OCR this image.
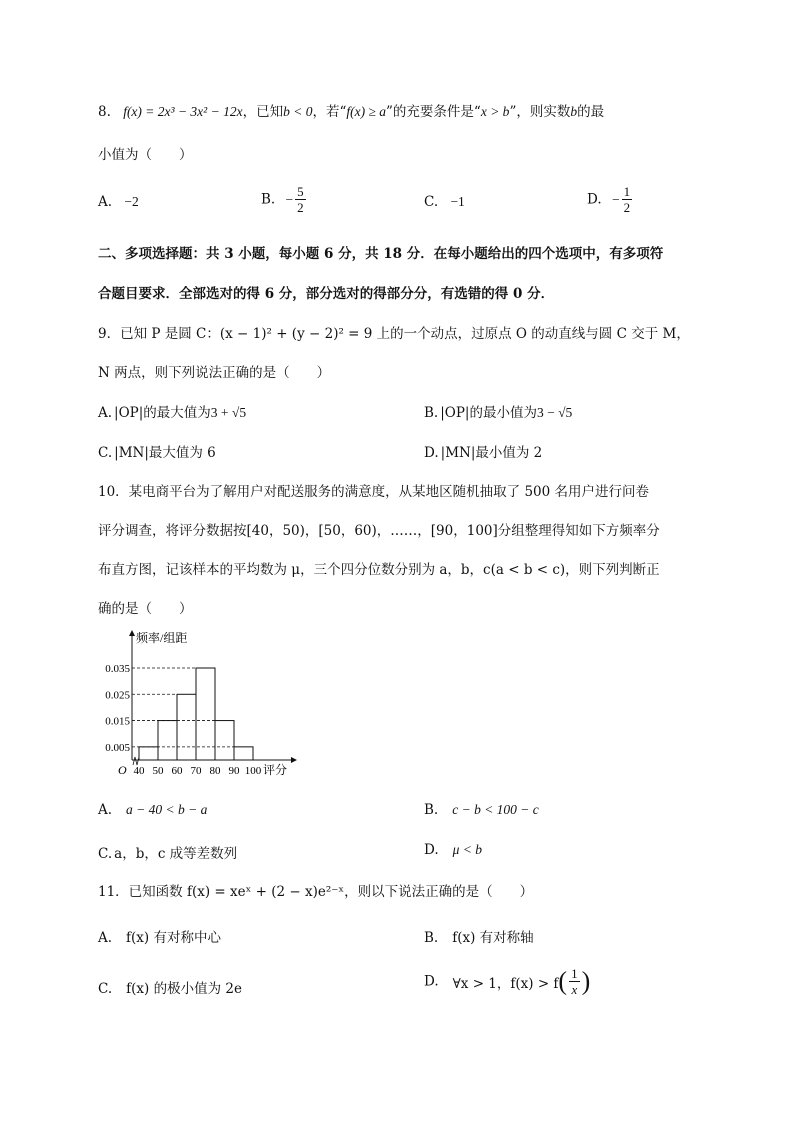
8. f(x) = 2x³ − 3x² − 12x，已知b < 0，若“f(x) ≥ a”的充要条件是“x > b”，则实数b的最
小值为（　　）
A. −2	B. − $\frac{5}{2}$	C. −1	D. − $\frac{1}{2}$
二、多项选择题：共 3 小题，每小题 6 分，共 18 分．在每小题给出的四个选项中，有多项符
合题目要求．全部选对的得 6 分，部分选对的得部分分，有选错的得 0 分．
9．已知 P 是圆 C：(x − 1)² + (y − 2)² = 9 上的一个动点，过原点 O 的动直线与圆 C 交于 M，
N 两点，则下列说法正确的是（　　）
A. |OP|的最大值为3 + √5	B. |OP|的最小值为3 − √5
C. |MN|最大值为 6	D. |MN|最小值为 2
10．某电商平台为了解用户对配送服务的满意度，从某地区随机抽取了 500 名用户进行问卷
评分调查，将评分数据按[40，50)，[50，60)，……，[90，100]分组整理得知如下方频率分
布直方图，记该样本的平均数为 μ，三个四分位数分别为 a，b，c(a < b < c)，则下列判断正
确的是（　　）
频率/组距
0.005
0.015
0.025
0.035
40 50 60 70 80 90 100
O	评分
A. a − 40 < b − a	B. c − b < 100 − c
C. a，b，c 成等差数列	D. μ < b
11．已知函数 f(x) = xeˣ + (2 − x)e²⁻ˣ，则以下说法正确的是（　　）
A. f(x) 有对称中心	B. f(x) 有对称轴
C. f(x) 的极小值为 2e	D. ∀x > 1，$f(x) > f( \frac{1}{x}$ )
